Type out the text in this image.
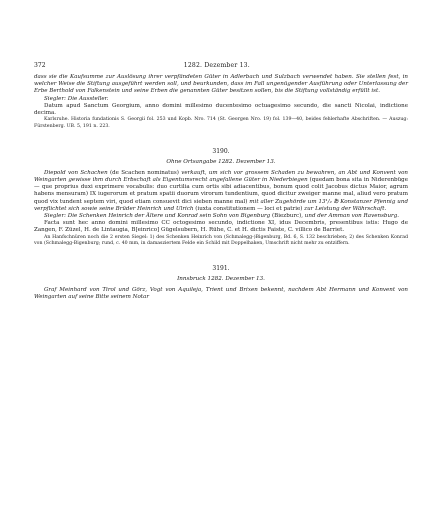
372	1282. Dezember 13.

dass sie die Kaufsumme zur Auslösung ihrer verpfändeten Güter in Adlerbach und Sulzbach verwendet haben. Sie stellen fest, in welcher Weise die Stiftung ausgeführt werden soll, und beurkunden, dass im Fall ungenügender Ausführung oder Unterlassung der Erbe Berthold von Falkenstein und seine Erben die genannten Güter besitzen sollen, bis die Stiftung vollständig erfüllt ist.

Siegler: Die Aussteller.

Datum apud Sanctum Georgium, anno domini millesimo ducentesimo octuagesimo secundo, die sancti Nicolai, indictione decima.

Karlsruhe. Historia fundationis S. Georgii fol. 253 und Kopb. Nro. 714 (St. Georgen Nro. 19) fol. 139—40, beides fehlerhafte Abschriften. — Auszug: Fürstenberg. UB. 5, 191 n. 223.

3190.
Ohne Ortsangabe 1282. Dezember 13.

Diepold von Schachen (de Scachen nominatus) verkauft, um sich vor grossem Schaden zu bewahren, an Abt und Konvent von Weingarten gewisse ihm durch Erbschaft als Eigentumsrecht angefallene Güter in Niederbiegen (quedam bona sita in Niderenbüge — que proprius duxi exprimere vocabulis: duo curtilia cum ortis sibi adiacentibus, bonum quod colit Jacobus dictus Maior, agrum habens mensuram) IX iugerorum et pratum spatii duorum virorum tundentium, quod dicitur zweiger manne mal, aliud vero pratum quod vix tundent septem viri, quod etiam consuevit dici sieben manne mal) mit aller Zugehörde um 13¹/₂ ℔ Konstanzer Pfennig und verpflichtet sich sowie seine Brüder Heinrich und Ulrich (iuxta constitutionem — loci et patrie) zur Leistung der Währschaft.

Siegler: Die Schenken Heinrich der Ältere und Konrad sein Sohn von Bigenburg (Biezburc), und der Amman von Ravensburg.

Facta sunt hec anno domini millesimo CC octogesimo secundo, indictione XI, idus Decembris, presentibus istis: Hugo de Zangen, F. Züzel, H. de Lintaugia, B[einrico] Gügelsubern, H. Rühe, C. et H. dictis Faiste, C. villico de Barriet.

An Hanfschnüren noch die 2 ersten Siegel: 1) des Schenken Heinrich von (Schmalegg-)Bigenburg, Bd. 6, S. 132 beschrieben; 2) des Schenken Konrad von (Schmalegg-Bigenburg; rund, c. 40 mm, in damasziertem Felde ein Schild mit Doppelhaken, Umschrift nicht mehr zu entziffern.

3191.
Innsbruck 1282. Dezember 13.

Graf Meinhard von Tirol und Görz, Vogt von Aquileja, Trient und Brixen bekennt, nachdem Abt Hermann und Konvent von Weingarten auf seine Bitte seinem Notar
